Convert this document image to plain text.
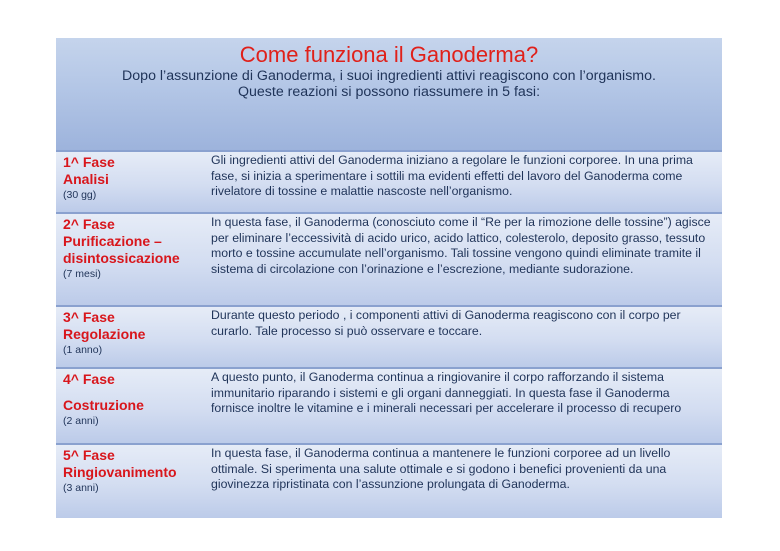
Come funziona il Ganoderma?
Dopo l’assunzione di Ganoderma, i suoi ingredienti attivi reagiscono con l’organismo.
Queste reazioni si possono riassumere in 5 fasi:
1^ Fase
Analisi
(30 gg)
Gli ingredienti attivi del Ganoderma iniziano a regolare le funzioni corporee. In una prima fase, si inizia a sperimentare i sottili ma evidenti effetti del lavoro del Ganoderma come rivelatore di tossine e malattie nascoste nell’organismo.
2^ Fase
Purificazione – disintossicazione
(7 mesi)
In questa fase, il Ganoderma (conosciuto come il “Re per la rimozione delle tossine”) agisce per eliminare l’eccessività di acido urico, acido lattico, colesterolo, deposito grasso, tessuto morto e tossine accumulate nell’organismo. Tali tossine vengono quindi eliminate tramite il sistema di circolazione con l’orinazione e l’escrezione, mediante sudorazione.
3^ Fase
Regolazione
(1 anno)
Durante questo periodo , i componenti attivi di Ganoderma reagiscono con il corpo per curarlo. Tale processo si può osservare e toccare.
4^ Fase
Costruzione
(2 anni)
A questo punto, il Ganoderma continua a ringiovanire il corpo rafforzando il sistema immunitario riparando i sistemi e gli organi danneggiati. In questa fase il Ganoderma fornisce inoltre le vitamine e i minerali necessari per accelerare il processo di recupero
5^ Fase
Ringiovanimento
(3 anni)
In questa fase, il Ganoderma continua a mantenere le funzioni corporee ad un livello ottimale. Si sperimenta una salute ottimale e si godono i benefici provenienti da una giovinezza ripristinata con l’assunzione prolungata di Ganoderma.
